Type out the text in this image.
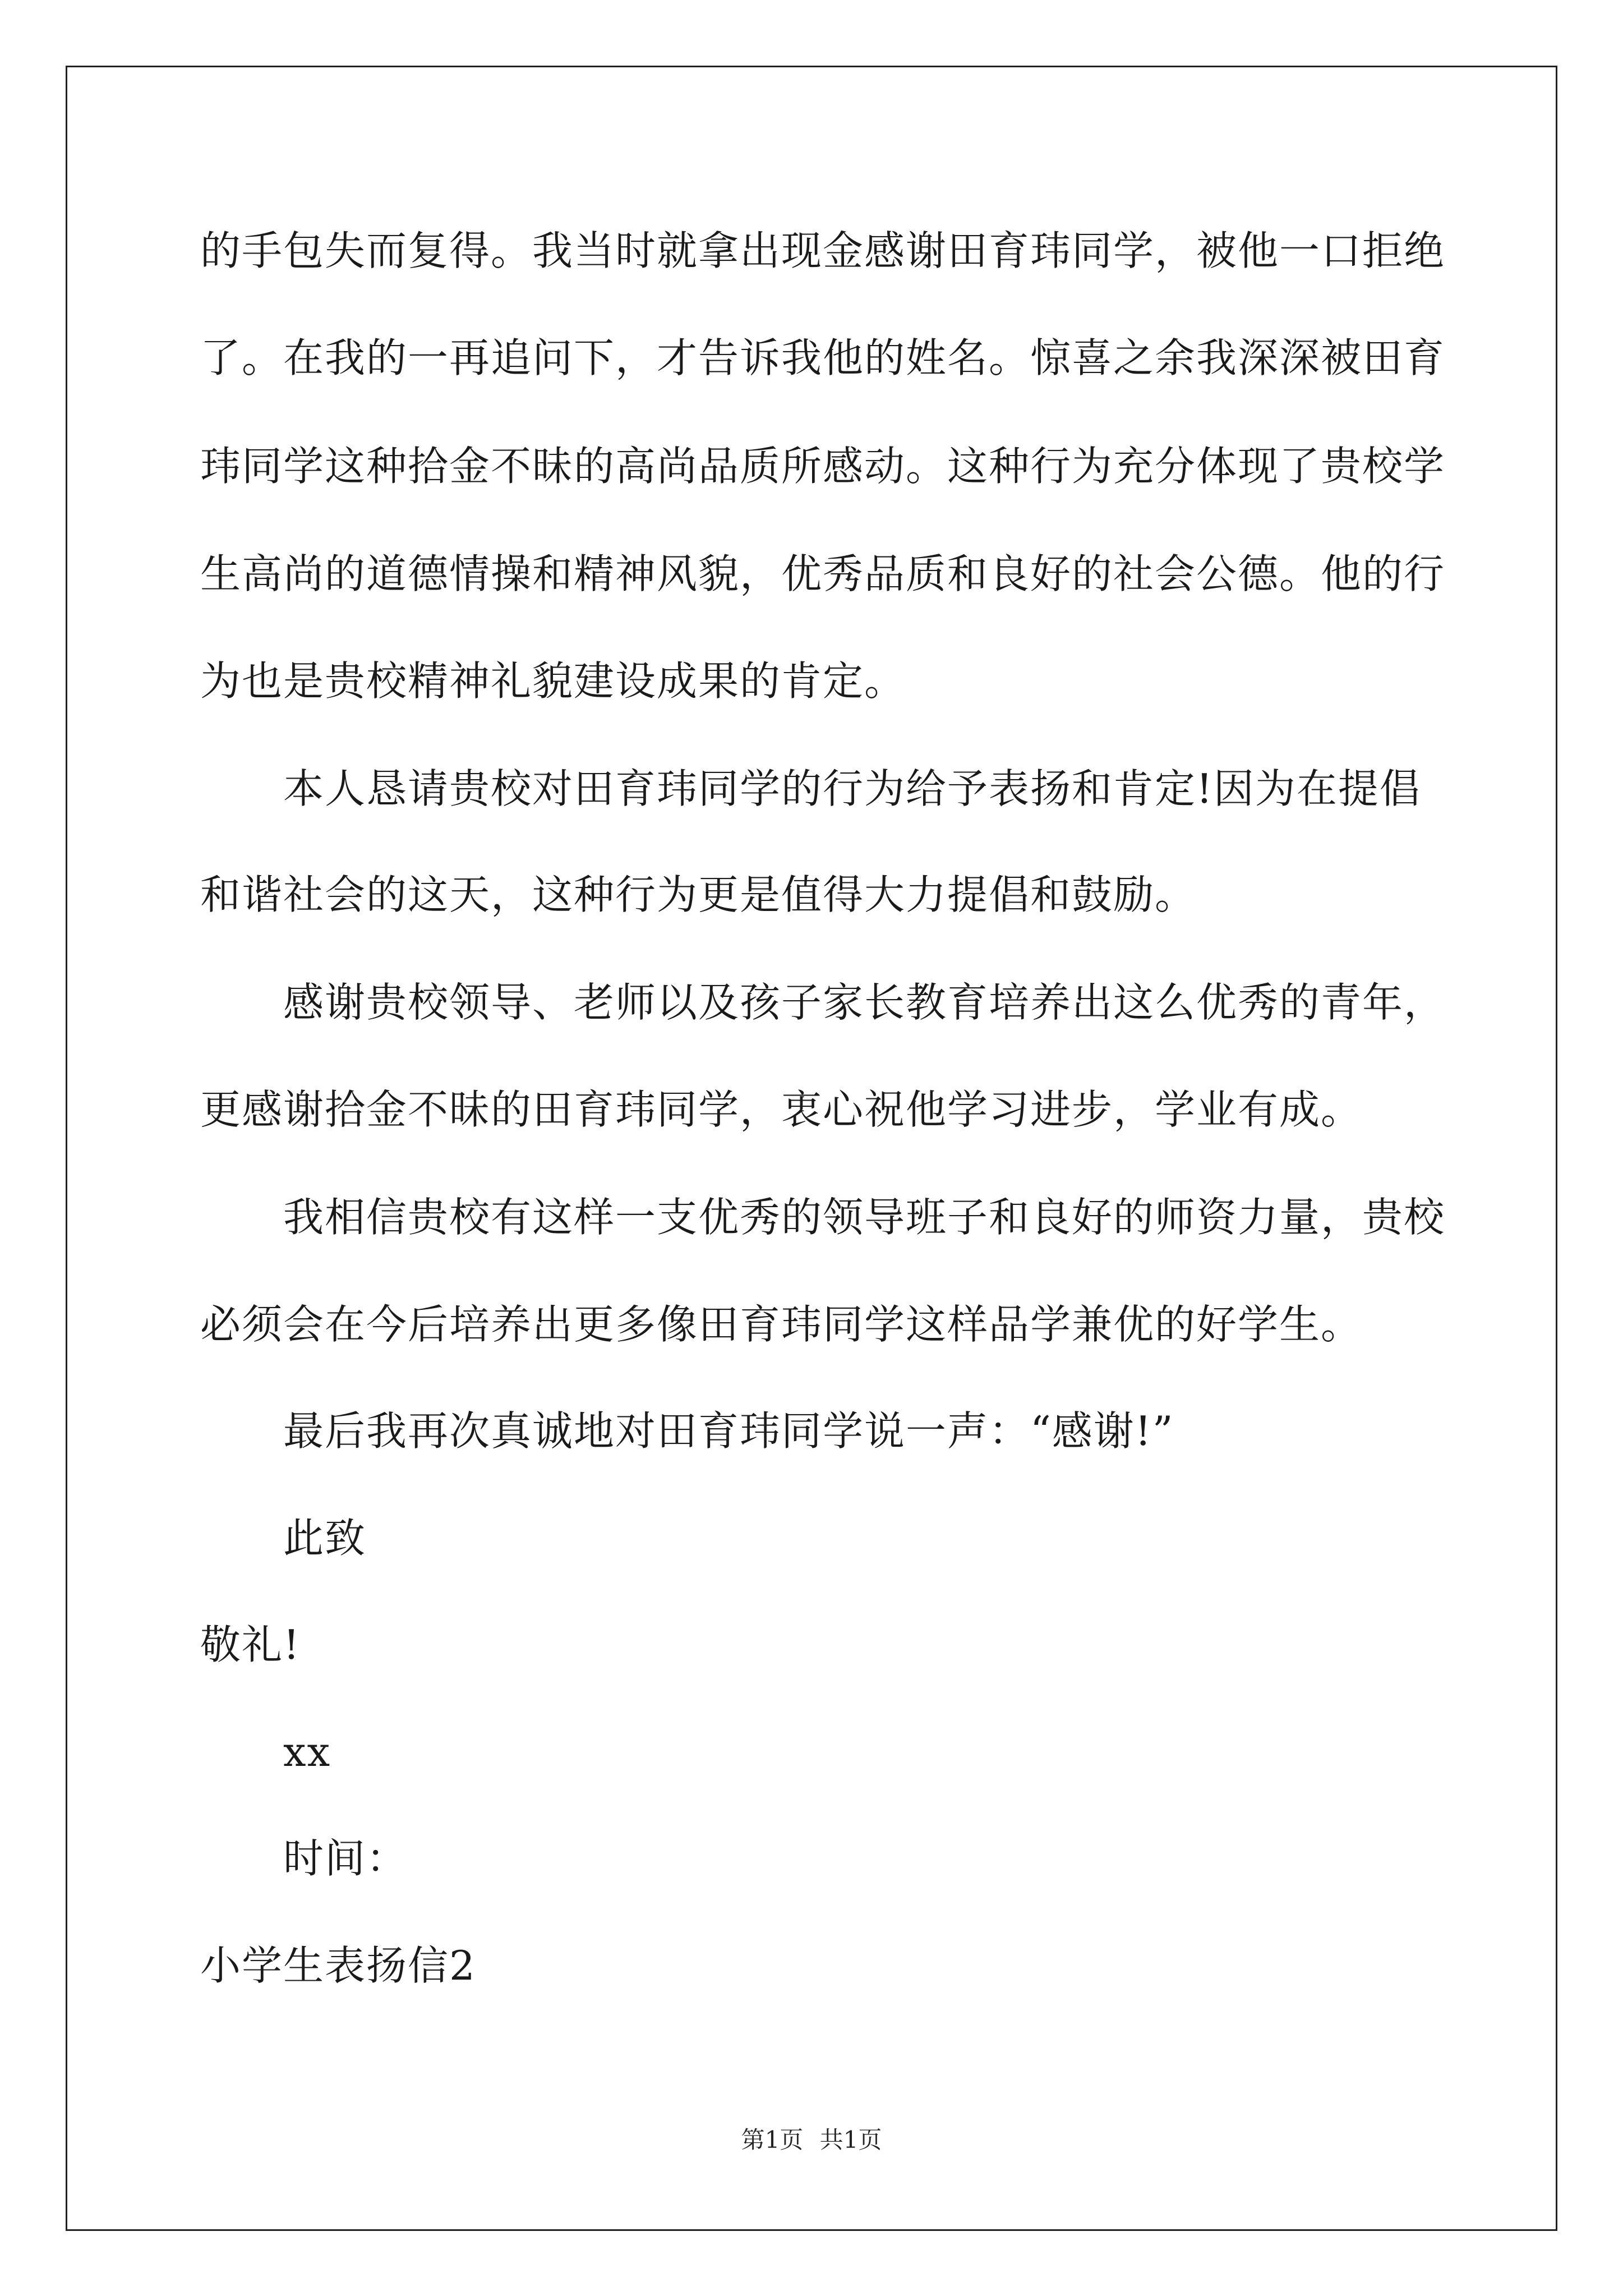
的手包失而复得。我当时就拿出现金感谢田育玮同学，被他一口拒绝
了。在我的一再追问下，才告诉我他的姓名。惊喜之余我深深被田育
玮同学这种拾金不昧的高尚品质所感动。这种行为充分体现了贵校学
生高尚的道德情操和精神风貌，优秀品质和良好的社会公德。他的行
为也是贵校精神礼貌建设成果的肯定。
本人恳请贵校对田育玮同学的行为给予表扬和肯定!因为在提倡
和谐社会的这天，这种行为更是值得大力提倡和鼓励。
感谢贵校领导、老师以及孩子家长教育培养出这么优秀的青年，
更感谢拾金不昧的田育玮同学，衷心祝他学习进步，学业有成。
我相信贵校有这样一支优秀的领导班子和良好的师资力量，贵校
必须会在今后培养出更多像田育玮同学这样品学兼优的好学生。
最后我再次真诚地对田育玮同学说一声：“感谢!”
此致
敬礼!
xx
时间：
小学生表扬信2
第1页 共1页
